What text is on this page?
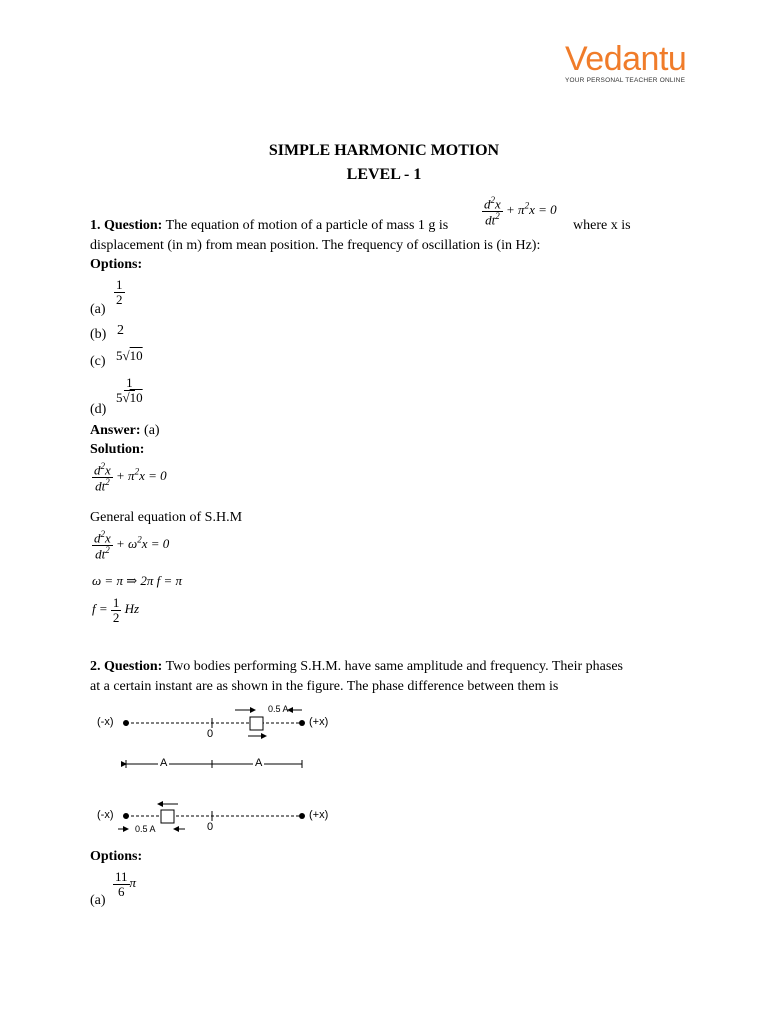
Vedantu
YOUR PERSONAL TEACHER ONLINE
SIMPLE HARMONIC MOTION
LEVEL - 1
1. Question: The equation of motion of a particle of mass 1 g is	$\frac{d^2x}{dt^2} + \pi^2x = 0$
where x is
displacement (in m) from mean position. The frequency of oscillation is (in Hz):
Options:
(a)
$\frac{1}{2}$
(b) 2
(c) 5√10
(d)
$\frac{1}{5√10}$
Answer: (a)
Solution:
$\frac{d^2x}{dt^2} + \pi^2x = 0$
General equation of S.H.M
$\frac{d^2x}{dt^2} + \omega^2x = 0$
ω = π ⇒ 2π f = π
$f = \frac{1}{2}$ Hz
2. Question: Two bodies performing S.H.M. have same amplitude and frequency. Their phases
at a certain instant are as shown in the figure. The phase difference between them is
(-x)	(+x)
0
0.5 A
A	A
(-x)	(+x)
0
0.5 A
Options:
(a)
$\frac{11}{6}$ π
